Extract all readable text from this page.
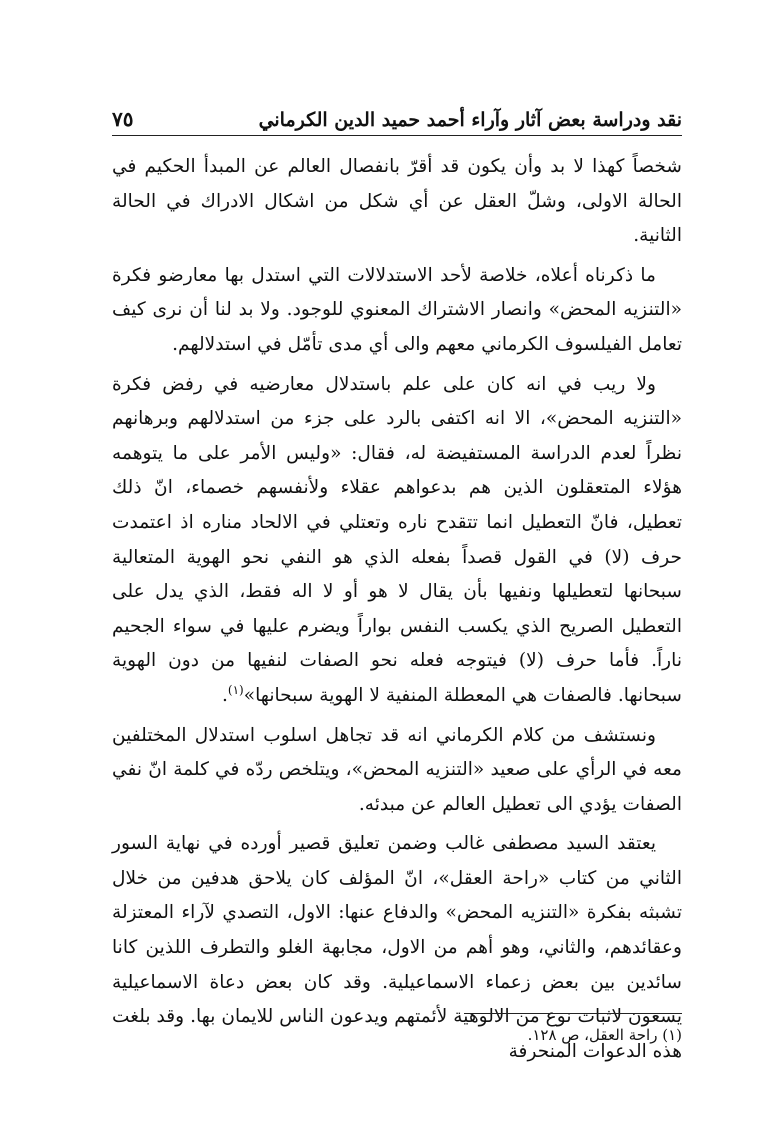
نقد ودراسة بعض آثار وآراء أحمد حميد الدين الكرماني
٧٥

شخصاً كهذا لا بد وأن يكون قد أقرّ بانفصال العالم عن المبدأ الحكيم في الحالة الاولى، وشلّ العقل عن أي شكل من اشكال الادراك في الحالة الثانية.

ما ذكرناه أعلاه، خلاصة لأحد الاستدلالات التي استدل بها معارضو فكرة «التنزيه المحض» وانصار الاشتراك المعنوي للوجود. ولا بد لنا أن نرى كيف تعامل الفيلسوف الكرماني معهم والى أي مدى تأمّل في استدلالهم.

ولا ريب في انه كان على علم باستدلال معارضيه في رفض فكرة «التنزيه المحض»، الا انه اكتفى بالرد على جزء من استدلالهم وبرهانهم نظراً لعدم الدراسة المستفيضة له، فقال: «وليس الأمر على ما يتوهمه هؤلاء المتعقلون الذين هم بدعواهم عقلاء ولأنفسهم خصماء، انّ ذلك تعطيل، فانّ التعطيل انما تتقدح ناره وتعتلي في الالحاد مناره اذ اعتمدت حرف (لا) في القول قصداً بفعله الذي هو النفي نحو الهوية المتعالية سبحانها لتعطيلها ونفيها بأن يقال لا هو أو لا اله فقط، الذي يدل على التعطيل الصريح الذي يكسب النفس بواراً ويضرم عليها في سواء الجحيم ناراً. فأما حرف (لا) فيتوجه فعله نحو الصفات لنفيها من دون الهوية سبحانها. فالصفات هي المعطلة المنفية لا الهوية سبحانها»$^{(١)}$.

ونستشف من كلام الكرماني انه قد تجاهل اسلوب استدلال المختلفين معه في الرأي على صعيد «التنزيه المحض»، ويتلخص ردّه في كلمة انّ نفي الصفات يؤدي الى تعطيل العالم عن مبدئه.

يعتقد السيد مصطفى غالب وضمن تعليق قصير أورده في نهاية السور الثاني من كتاب «راحة العقل»، انّ المؤلف كان يلاحق هدفين من خلال تشبثه بفكرة «التنزيه المحض» والدفاع عنها: الاول، التصدي لآراء المعتزلة وعقائدهم، والثاني، وهو أهم من الاول، مجابهة الغلو والتطرف اللذين كانا سائدين بين بعض زعماء الاسماعيلية. وقد كان بعض دعاة الاسماعيلية يسعون لاثبات نوع من الالوهية لأئمتهم ويدعون الناس للايمان بها. وقد بلغت هذه الدعوات المنحرفة

(١) راحة العقل، ص ١٢٨.
